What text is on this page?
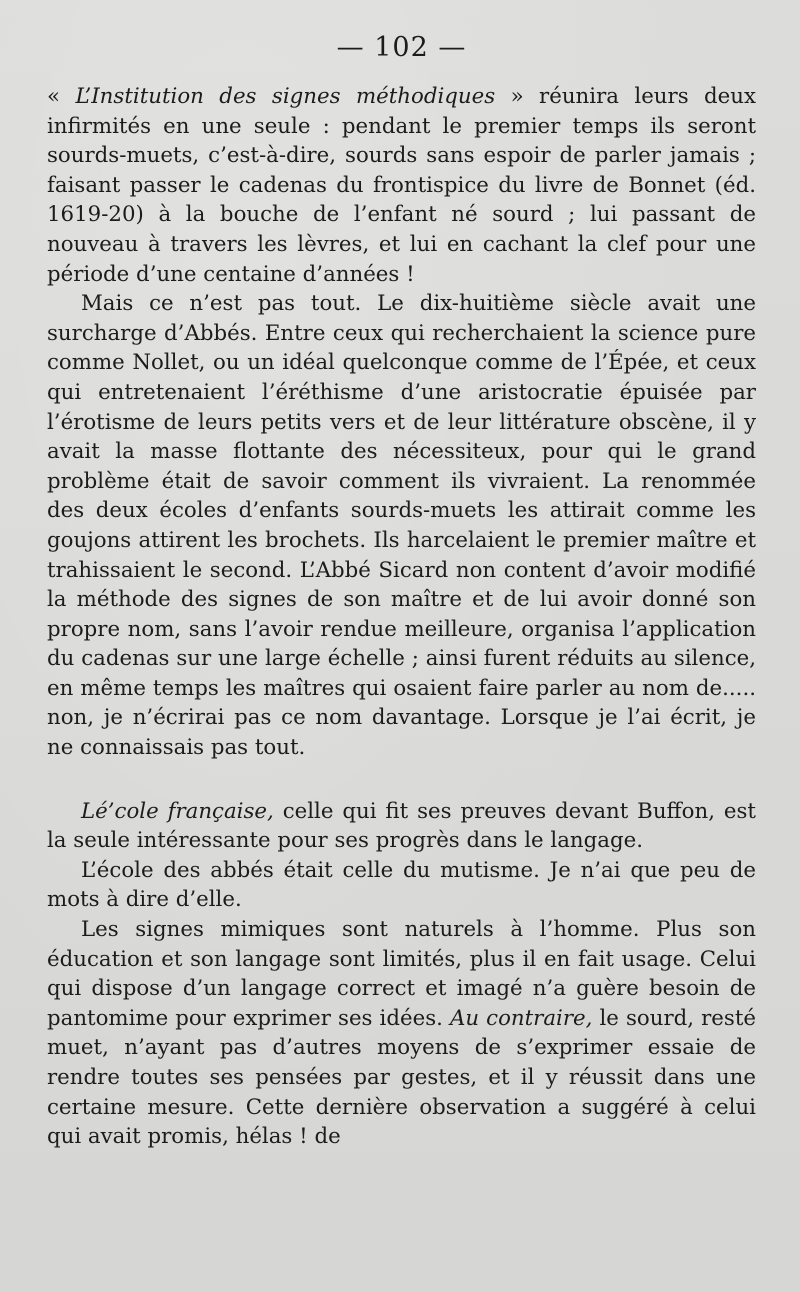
— 102 —

« L’Institution des signes méthodiques » réunira leurs deux infirmités en une seule : pendant le premier temps ils seront sourds-muets, c’est-à-dire, sourds sans espoir de parler jamais ; faisant passer le cadenas du frontispice du livre de Bonnet (éd. 1619-20) à la bouche de l’enfant né sourd ; lui passant de nouveau à travers les lèvres, et lui en cachant la clef pour une période d’une centaine d’années !

Mais ce n’est pas tout. Le dix-huitième siècle avait une surcharge d’Abbés. Entre ceux qui recherchaient la science pure comme Nollet, ou un idéal quelconque comme de l’Épée, et ceux qui entretenaient l’éréthisme d’une aristocratie épuisée par l’érotisme de leurs petits vers et de leur littérature obscène, il y avait la masse flottante des nécessiteux, pour qui le grand problème était de savoir comment ils vivraient. La renommée des deux écoles d’enfants sourds-muets les attirait comme les goujons attirent les brochets. Ils harcelaient le premier maître et trahissaient le second. L’Abbé Sicard non content d’avoir modifié la méthode des signes de son maître et de lui avoir donné son propre nom, sans l’avoir rendue meilleure, organisa l’application du cadenas sur une large échelle ; ainsi furent réduits au silence, en même temps les maîtres qui osaient faire parler au nom de..... non, je n’écrirai pas ce nom davantage. Lorsque je l’ai écrit, je ne connaissais pas tout.

Lé’cole française, celle qui fit ses preuves devant Buffon, est la seule intéressante pour ses progrès dans le langage.

L’école des abbés était celle du mutisme. Je n’ai que peu de mots à dire d’elle.

Les signes mimiques sont naturels à l’homme. Plus son éducation et son langage sont limités, plus il en fait usage. Celui qui dispose d’un langage correct et imagé n’a guère besoin de pantomime pour exprimer ses idées. Au contraire, le sourd, resté muet, n’ayant pas d’autres moyens de s’exprimer essaie de rendre toutes ses pensées par gestes, et il y réussit dans une certaine mesure. Cette dernière observation a suggéré à celui qui avait promis, hélas ! de
